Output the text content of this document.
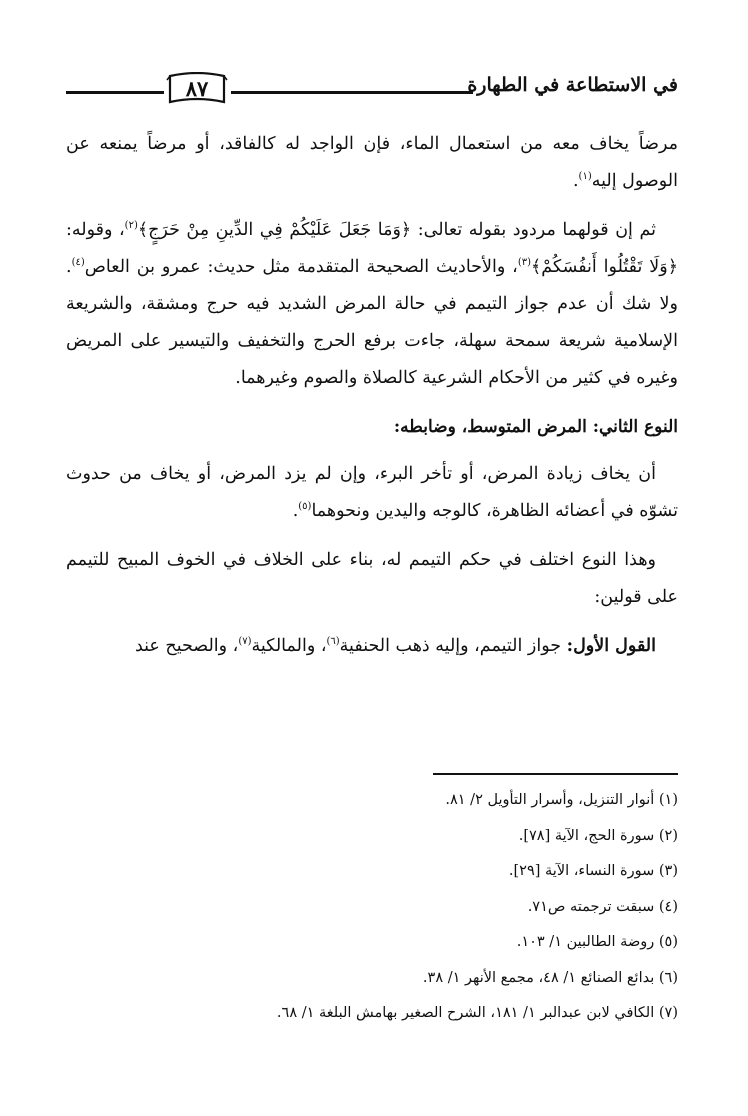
في الاستطاعة في الطهارة
٨٧

مرضاً يخاف معه من استعمال الماء، فإن الواجد له كالفاقد، أو مرضاً يمنعه عن الوصول إليه$^{(١)}$.

ثم إن قولهما مردود بقوله تعالى: ﴿وَمَا جَعَلَ عَلَيْكُمْ فِي الدِّينِ مِنْ حَرَجٍ﴾$^{(٢)}$، وقوله: ﴿وَلَا تَقْتُلُوا أَنفُسَكُمْ﴾$^{(٣)}$، والأحاديث الصحيحة المتقدمة مثل حديث: عمرو بن العاص$^{(٤)}$. ولا شك أن عدم جواز التيمم في حالة المرض الشديد فيه حرج ومشقة، والشريعة الإسلامية شريعة سمحة سهلة، جاءت برفع الحرج والتخفيف والتيسير على المريض وغيره في كثير من الأحكام الشرعية كالصلاة والصوم وغيرهما.

النوع الثاني: المرض المتوسط، وضابطه:

أن يخاف زيادة المرض، أو تأخر البرء، وإن لم يزد المرض، أو يخاف من حدوث تشوّه في أعضائه الظاهرة، كالوجه واليدين ونحوهما$^{(٥)}$.

وهذا النوع اختلف في حكم التيمم له، بناء على الخلاف في الخوف المبيح للتيمم على قولين:

القول الأول: جواز التيمم، وإليه ذهب الحنفية$^{(٦)}$، والمالكية$^{(٧)}$، والصحيح عند

(١) أنوار التنزيل، وأسرار التأويل ٢/ ٨١.
(٢) سورة الحج، الآية [٧٨].
(٣) سورة النساء، الآية [٢٩].
(٤) سبقت ترجمته ص٧١.
(٥) روضة الطالبين ١/ ١٠٣.
(٦) بدائع الصنائع ١/ ٤٨، مجمع الأنهر ١/ ٣٨.
(٧) الكافي لابن عبدالبر ١/ ١٨١، الشرح الصغير بهامش البلغة ١/ ٦٨.
